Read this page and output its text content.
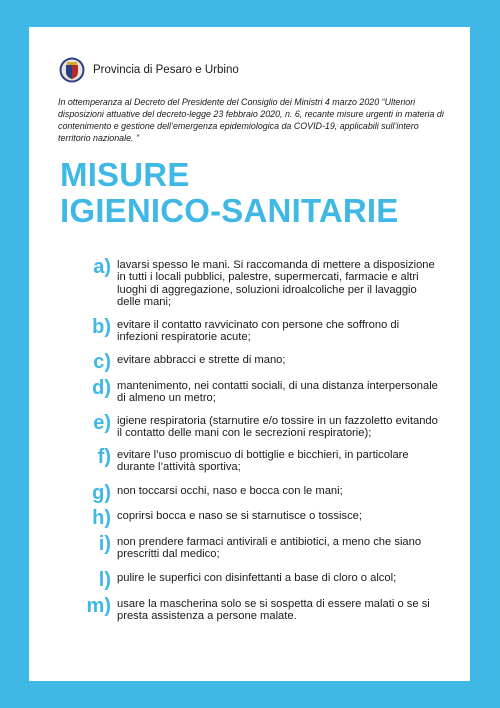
Provincia di Pesaro e Urbino

In ottemperanza al Decreto del Presidente del Consiglio dei Ministri 4 marzo 2020 “Ulteriori disposizioni attuative del decreto-legge 23 febbraio 2020, n. 6, recante misure urgenti in materia di contenimento e gestione dell’emergenza epidemiologica da COVID-19, applicabili sull’intero territorio nazionale. ”

MISURE
IGIENICO-SANITARIE
a) lavarsi spesso le mani. Si raccomanda di mettere a disposizione in tutti i locali pubblici, palestre, supermercati, farmacie e altri luoghi di aggregazione, soluzioni idroalcoliche per il lavaggio delle mani;
b) evitare il contatto ravvicinato con persone che soffrono di infezioni respiratorie acute;
c) evitare abbracci e strette di mano;
d) mantenimento, nei contatti sociali, di una distanza interpersonale di almeno un metro;
e) igiene respiratoria (starnutire e/o tossire in un fazzoletto evitando il contatto delle mani con le secrezioni respiratorie);
f) evitare l’uso promiscuo di bottiglie e bicchieri, in particolare durante l’attività sportiva;
g) non toccarsi occhi, naso e bocca con le mani;
h) coprirsi bocca e naso se si starnutisce o tossisce;
i) non prendere farmaci antivirali e antibiotici, a meno che siano prescritti dal medico;
l) pulire le superfici con disinfettanti a base di cloro o alcol;
m) usare la mascherina solo se si sospetta di essere malati o se si presta assistenza a persone malate.
